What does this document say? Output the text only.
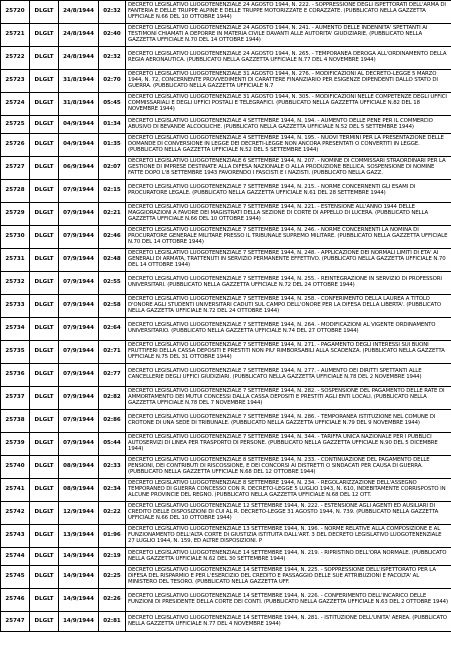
25720	DLGLT	24/8/1944	02:32	DECRETO LEGISLATIVO LUOGOTENENZIALE 24 AGOSTO 1944, N. 222. - SOPPRESSIONE DEGLI ISPETTORATI DELL'ARMA DI FANTERIA E DELLE TRUPPE ALPINE E DELLE TRUPPE MOTORIZZATE E CORAZZATE. (PUBBLICATO NELLA GAZZETTA UFFICIALE N.66 DEL 10 OTTOBRE 1944)
25721	DLGLT	24/8/1944	02:40	DECRETO LEGISLATIVO LUOGOTENENZIALE 24 AGOSTO 1944, N. 241. - AUMENTO DELLE INDENNITA' SPETTANTI AI TESTIMONI CHIAMATI A DEPORRE IN MATERIA CIVILE DAVANTI ALLE AUTORITA' GIUDIZIARIE. (PUBBLICATO NELLA GAZZETTA UFFICIALE N.70 DEL 14 OTTOBRE 1944)
25722	DLGLT	24/8/1944	02:32	DECRETO LEGISLATIVO LUOGOTENENZIALE 24 AGOSTO 1944, N. 265. - TEMPORANEA DEROGA ALL'ORDINAMENTO DELLA REGIA AERONAUTICA. (PUBBLICATO NELLA GAZZETTA UFFICIALE N.77 DEL 4 NOVEMBRE 1944)
25723	DLGLT	31/8/1944	02:70	DECRETO LEGISLATIVO LUOGOTENENZIALE 31 AGOSTO 1944, N. 276. - MODIFICAZIONI AL DECRETO-LEGGE 5 MARZO 1944, N. 72, CONCERNENTE PROVVEDIMENTI DI CARATTERE FINANZIARIO PER ESIGENZE DIPENDENTI DALLO STATO DI GUERRA. (PUBBLICATO NELLA GAZZETTA UFFICIALE N.7
25724	DLGLT	31/8/1944	05:45	DECRETO LEGISLATIVO LUOGOTENENZIALE 31 AGOSTO 1944, N. 305. - MODIFICAZIONI NELLE COMPETENZE DEGLI UFFICI COMMISSARIALI E DEGLI UFFICI POSTALI E TELEGRAFICI. (PUBBLICATO NELLA GAZZETTA UFFICIALE N.82 DEL 18 NOVEMBRE 1944)
25725	DLGLT	04/9/1944	01:34	DECRETO LEGISLATIVO LUOGOTENENZIALE 4 SETTEMBRE 1944, N. 194. - AUMENTO DELLE PENE PER IL COMMERCIO ABUSIVO DI BEVANDE ALCOOLICHE. (PUBBLICATO NELLA GAZZETTA UFFICIALE N.52 DEL 5 SETTEMBRE 1944)
25726	DLGLT	04/9/1944	01:35	DECRETO LEGISLATIVO LUOGOTENENZIALE 4 SETTEMBRE 1944, N. 195. - NUOVI TERMINI PER LA PRESENTAZIONE DELLE DOMANDE DI CONVERSIONE IN LEGGE DEI DECRETI-LEGGE NON ANCORA PRESENTATI O CONVERTITI IN LEGGE. (PUBBLICATO NELLA GAZZETTA UFFICIALE N.52 DEL 5 SETTEMBRE 1944)
25727	DLGLT	06/9/1944	02:07	DECRETO LEGISLATIVO LUOGOTENENZIALE 6 SETTEMBRE 1944, N. 207. - NOMINE DI COMMISSARI STRAORDINARI PER LA GESTIONE DI IMPRESE DESTINATE ALLA DIFESA NAZIONALE O ALLA PRODUZIONE BELLICA. SOSPENSIONE DI NOMINE FATTE DOPO L'8 SETTEMBRE 1943 FAVORENDO I FASCISTI E I NAZISTI. (PUBBLICATO NELLA GAZZ.
25728	DLGLT	07/9/1944	02:15	DECRETO LEGISLATIVO LUOGOTENENZIALE 7 SETTEMBRE 1944, N. 215. - NORME CONCERNENTI GLI ESAMI DI PROCURATORE LEGALE. (PUBBLICATO NELLA GAZZETTA UFFICIALE N.61 DEL 28 SETTEMBRE 1944)
25729	DLGLT	07/9/1944	02:21	DECRETO LEGISLATIVO LUOGOTENENZIALE 7 SETTEMBRE 1944, N. 221. - ESTENSIONE ALL'ANNO 1944 DELLE MAGGIORAZIONI A FAVORE DEI MAGISTRATI DELLA SEZIONE DI CORTE DI APPELLO DI LUCERA. (PUBBLICATO NELLA GAZZETTA UFFICIALE N.66 DEL 10 OTTOBRE 1944)
25730	DLGLT	07/9/1944	02:46	DECRETO LEGISLATIVO LUOGOTENENZIALE 7 SETTEMBRE 1944, N. 246. - NORME CONCERNENTI LA NOMINA DI PROCURATORE GENERALE MILITARE PRESSO IL TRIBUNALE SUPREMO MILITARE. (PUBBLICATO NELLA GAZZETTA UFFICIALE N.70 DEL 14 OTTOBRE 1944)
25731	DLGLT	07/9/1944	02:48	DECRETO LEGISLATIVO LUOGOTENENZIALE 7 SETTEMBRE 1944, N. 248. - APPLICAZIONE DEI NORMALI LIMITI DI ETA' AI GENERALI DI ARMATA, TRATTENUTI IN SERVIZIO PERMANENTE EFFETTIVO. (PUBBLICATO NELLA GAZZETTA UFFICIALE N.70 DEL 14 OTTOBRE 1944)
25732	DLGLT	07/9/1944	02:55	DECRETO LEGISLATIVO LUOGOTENENZIALE 7 SETTEMBRE 1944, N. 255. - REINTEGRAZIONE IN SERVIZIO DI PROFESSORI UNIVERSITARI. (PUBBLICATO NELLA GAZZETTA UFFICIALE N.72 DEL 24 OTTOBRE 1944)
25733	DLGLT	07/9/1944	02:58	DECRETO LEGISLATIVO LUOGOTENENZIALE 7 SETTEMBRE 1944, N. 258. - CONFERIMENTO DELLA LAUREA A TITOLO D'ONORE AGLI STUDENTI UNIVERSITARI CADUTI SUL CAMPO DELL'ONORE PER LA DIFESA DELLA LIBERTA'. (PUBBLICATO NELLA GAZZETTA UFFICIALE N.72 DEL 24 OTTOBRE 1944)
25734	DLGLT	07/9/1944	02:64	DECRETO LEGISLATIVO LUOGOTENENZIALE 7 SETTEMBRE 1944, N. 264. - MODIFICAZIONI AL VIGENTE ORDINAMENTO UNIVERSITARIO. (PUBBLICATO NELLA GAZZETTA UFFICIALE N.74 DEL 27 OTTOBRE 1944)
25735	DLGLT	07/9/1944	02:71	DECRETO LEGISLATIVO LUOGOTENENZIALE 7 SETTEMBRE 1944, N. 271. - PAGAMENTO DEGLI INTERESSI SUI BUONI FRUTTIFERI DELLA CASSA DEPOSITI E PRESTITI NON PIU' RIMBORSABILI ALLA SCADENZA. (PUBBLICATO NELLA GAZZETTA UFFICIALE N.75 DEL 31 OTTOBRE 1944)
25736	DLGLT	07/9/1944	02:77	DECRETO LEGISLATIVO LUOGOTENENZIALE 7 SETTEMBRE 1944, N. 277. - AUMENTO DEI DIRITTI SPETTANTI ALLE CANCELLERIE DEGLI UFFICI GIUDIZIARI. (PUBBLICATO NELLA GAZZETTA UFFICIALE N.78 DEL 2 NOVEMBRE 1944)
25737	DLGLT	07/9/1944	02:82	DECRETO LEGISLATIVO LUOGOTENENZIALE 7 SETTEMBRE 1944, N. 282. - SOSPENSIONE DEL PAGAMENTO DELLE RATE DI AMMORTAMENTO DEI MUTUI CONCESSI DALLA CASSA DEPOSITI E PRESTITI AGLI ENTI LOCALI. (PUBBLICATO NELLA GAZZETTA UFFICIALE N.78 DEL 7 NOVEMBRE 1944)
25738	DLGLT	07/9/1944	02:86	DECRETO LEGISLATIVO LUOGOTENENZIALE 7 SETTEMBRE 1944, N. 286. - TEMPORANEA ISTITUZIONE NEL COMUNE DI CROTONE DI UNA SEDE DI TRIBUNALE. (PUBBLICATO NELLA GAZZETTA UFFICIALE N.79 DEL 9 NOVEMBRE 1944)
25739	DLGLT	07/9/1944	05:44	DECRETO LEGISLATIVO LUOGOTENENZIALE 7 SETTEMBRE 1944, N. 344. - TARIFFA UNICA NAZIONALE PER I PUBBLICI AUTOSERVIZI DI LINEA PER TRASPORTO DI PERSONE. (PUBBLICATO NELLA GAZZETTA UFFICIALE N.90 DEL 5 DICEMBRE 1944)
25740	DLGLT	08/9/1944	02:33	DECRETO LEGISLATIVO LUOGOTENENZIALE 8 SETTEMBRE 1944, N. 233. - CONTINUAZIONE DEL PAGAMENTO DELLE PENSIONI, DEI CONTRIBUTI DI RISCOSSIONE, E DEI CONCORSI AI DISTRETTI O SINDACATI PER CAUSA DI GUERRA. (PUBBLICATO NELLA GAZZETTA UFFICIALE N.68 DEL 12 OTTOBRE 1944)
25741	DLGLT	08/9/1944	02:34	DECRETO LEGISLATIVO LUOGOTENENZIALE 8 SETTEMBRE 1944, N. 234. - REGOLARIZZAZIONE DELL'ASSEGNO TEMPORANEO DI GUERRA CONCESSO CON R. DECRETO-LEGGE 5 LUGLIO 1943, N. 610, INDEBITAMENTE CORRISPOSTO IN ALCUNE PROVINCIE DEL REGNO. (PUBBLICATO NELLA GAZZETTA UFFICIALE N.68 DEL 12 OTT.
25742	DLGLT	12/9/1944	02:22	DECRETO LEGISLATIVO LUOGOTENENZIALE 12 SETTEMBRE 1944, N. 222. - ESTENSIONE AGLI AGENTI ED AUSILIARI DI CREDITO DELLE DISPOSIZIONI DI CUI AL R. DECRETO-LEGGE 31 AGOSTO 1944, N. 739. (PUBBLICATO NELLA GAZZETTA UFFICIALE N.66 DEL 10 OTTOBRE 1944)
25743	DLGLT	13/9/1944	01:96	DECRETO LEGISLATIVO LUOGOTENENZIALE 13 SETTEMBRE 1944, N. 196. - NORME RELATIVE ALLA COMPOSIZIONE E AL FUNZIONAMENTO DELL'ALTA CORTE DI GIUSTIZIA ISTITUITA DALL'ART. 3 DEL DECRETO LEGISLATIVO LUOGOTENENZIALE 27 LUGLIO 1944, N. 159, ED ALTRE DISPOSIZIONI. P
25744	DLGLT	14/9/1944	02:19	DECRETO LEGISLATIVO LUOGOTENENZIALE 14 SETTEMBRE 1944, N. 219. - RIPRISTINO DELL'ORA NORMALE. (PUBBLICATO NELLA GAZZETTA UFFICIALE N.62 DEL 30 SETTEMBRE 1944)
25745	DLGLT	14/9/1944	02:25	DECRETO LEGISLATIVO LUOGOTENENZIALE 14 SETTEMBRE 1944, N. 225. - SOPPRESSIONE DELL'ISPETTORATO PER LA DIFESA DEL RISPARMIO E PER L'ESERCIZIO DEL CREDITO E PASSAGGIO DELLE SUE ATTRIBUZIONI E FACOLTA' AL MINISTERO DEL TESORO. (PUBBLICATO NELLA GAZZETTA UFF.
25746	DLGLT	14/9/1944	02:26	DECRETO LEGISLATIVO LUOGOTENENZIALE 14 SETTEMBRE 1944, N. 226. - CONFERIMENTO DELL'INCARICO DELLE FUNZIONI DI PRESIDENTE DELLA CORTE DEI CONTI. (PUBBLICATO NELLA GAZZETTA UFFICIALE N.63 DEL 2 OTTOBRE 1944)
25747	DLGLT	14/9/1944	02:81	DECRETO LEGISLATIVO LUOGOTENENZIALE 14 SETTEMBRE 1944, N. 281. - ISTITUZIONE DELL'UNITA' AEREA. (PUBBLICATO NELLA GAZZETTA UFFICIALE N.77 DEL 4 NOVEMBRE 1944)
